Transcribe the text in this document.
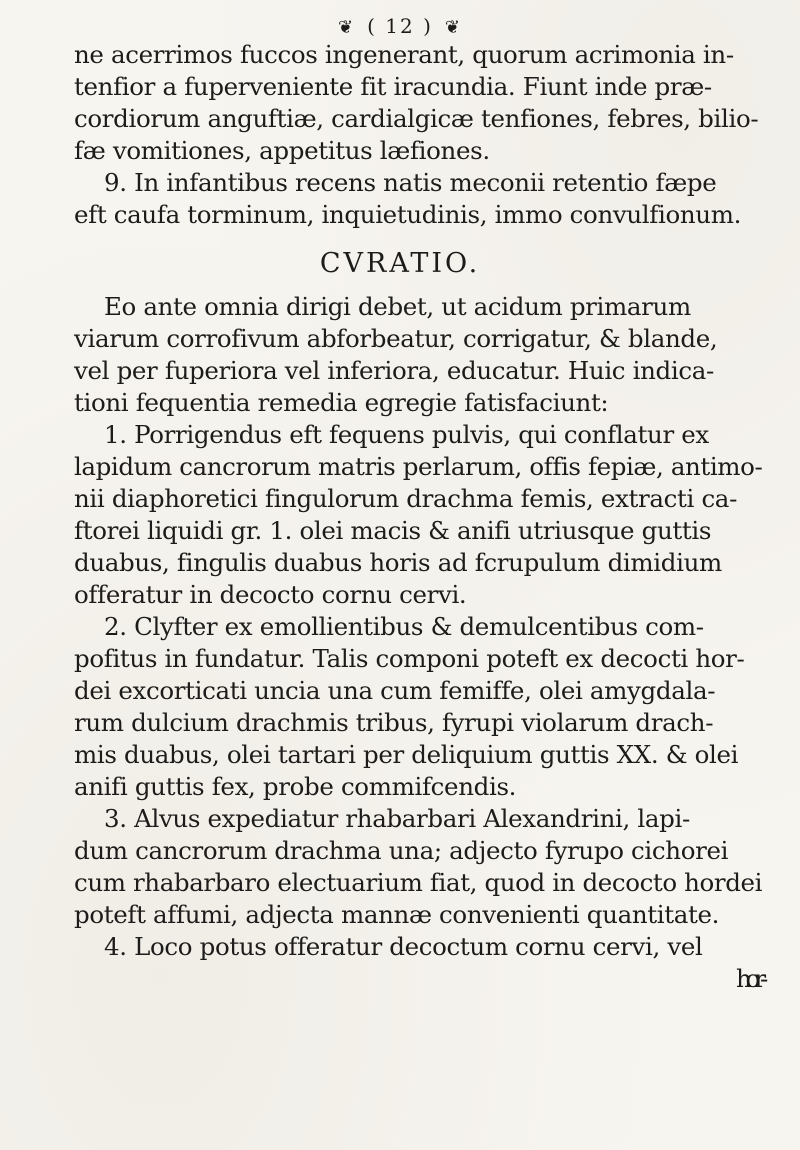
❦ ( 12 ) ❦
ne acerrimos fuccos ingenerant, quorum acrimonia in-
tenfior a fuperveniente fit iracundia. Fiunt inde præ-
cordiorum anguftiæ, cardialgicæ tenfiones, febres, bilio-
fæ vomitiones, appetitus læfiones.
9. In infantibus recens natis meconii retentio fæpe
eft caufa torminum, inquietudinis, immo convulfionum.
CVRATIO.
Eo ante omnia dirigi debet, ut acidum primarum
viarum corrofivum abforbeatur, corrigatur, & blande,
vel per fuperiora vel inferiora, educatur. Huic indica-
tioni fequentia remedia egregie fatisfaciunt:
1. Porrigendus eft fequens pulvis, qui conflatur ex
lapidum cancrorum matris perlarum, offis fepiæ, antimo-
nii diaphoretici fingulorum drachma femis, extracti ca-
ftorei liquidi gr. 1. olei macis & anifi utriusque guttis
duabus, fingulis duabus horis ad fcrupulum dimidium
offeratur in decocto cornu cervi.
2. Clyfter ex emollientibus & demulcentibus com-
pofitus in fundatur. Talis componi poteft ex decocti hor-
dei excorticati uncia una cum femiffe, olei amygdala-
rum dulcium drachmis tribus, fyrupi violarum drach-
mis duabus, olei tartari per deliquium guttis XX. & olei
anifi guttis fex, probe commifcendis.
3. Alvus expediatur rhabarbari Alexandrini, lapi-
dum cancrorum drachma una; adjecto fyrupo cichorei
cum rhabarbaro electuarium fiat, quod in decocto hordei
poteft affumi, adjecta mannæ convenienti quantitate.
4. Loco potus offeratur decoctum cornu cervi, vel
hor-
